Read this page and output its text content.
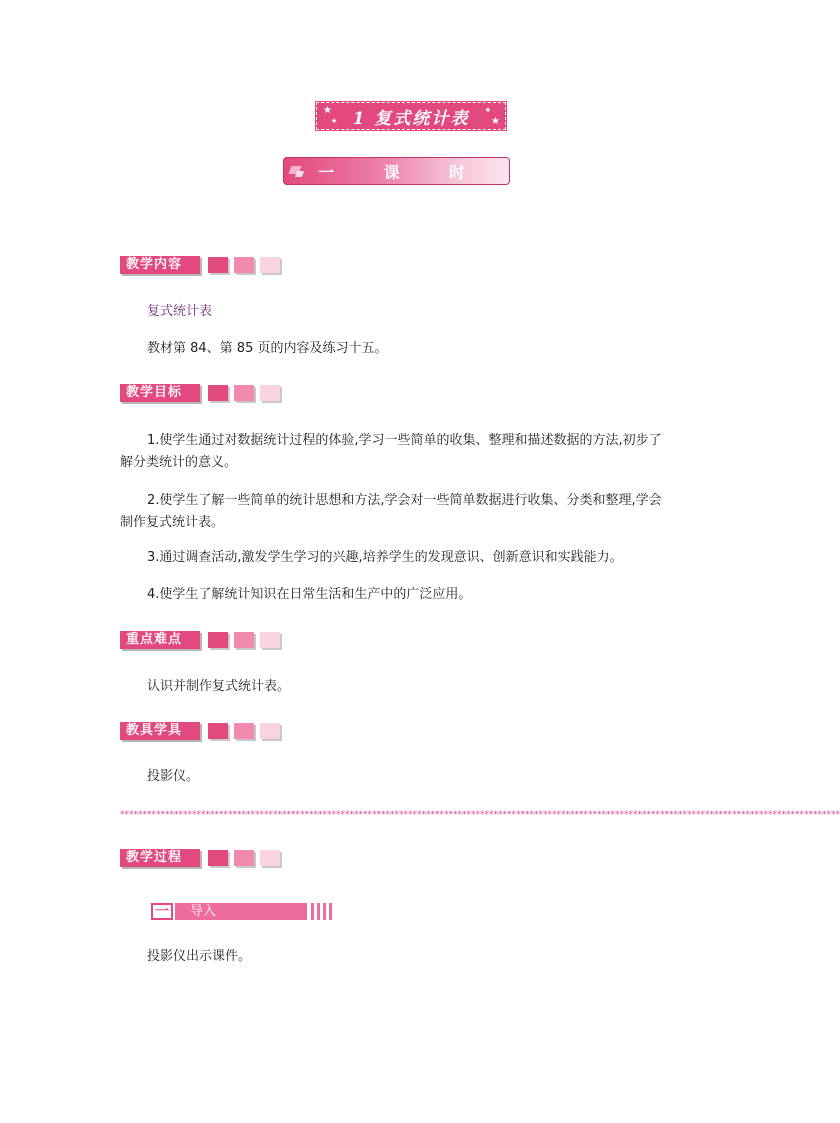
★
★ 1 复式统计表 ★
★
一 课 时
教学内容
复式统计表
教材第 84、第 85 页的内容及练习十五。
教学目标
1.使学生通过对数据统计过程的体验,学习一些简单的收集、整理和描述数据的方法,初步了解分类统计的意义。
2.使学生了解一些简单的统计思想和方法,学会对一些简单数据进行收集、分类和整理,学会制作复式统计表。
3.通过调查活动,激发学生学习的兴趣,培养学生的发现意识、创新意识和实践能力。
4.使学生了解统计知识在日常生活和生产中的广泛应用。
重点难点
认识并制作复式统计表。
教具学具
投影仪。
****************************************************************************************************************************************************************
教学过程
一	导入
投影仪出示课件。
